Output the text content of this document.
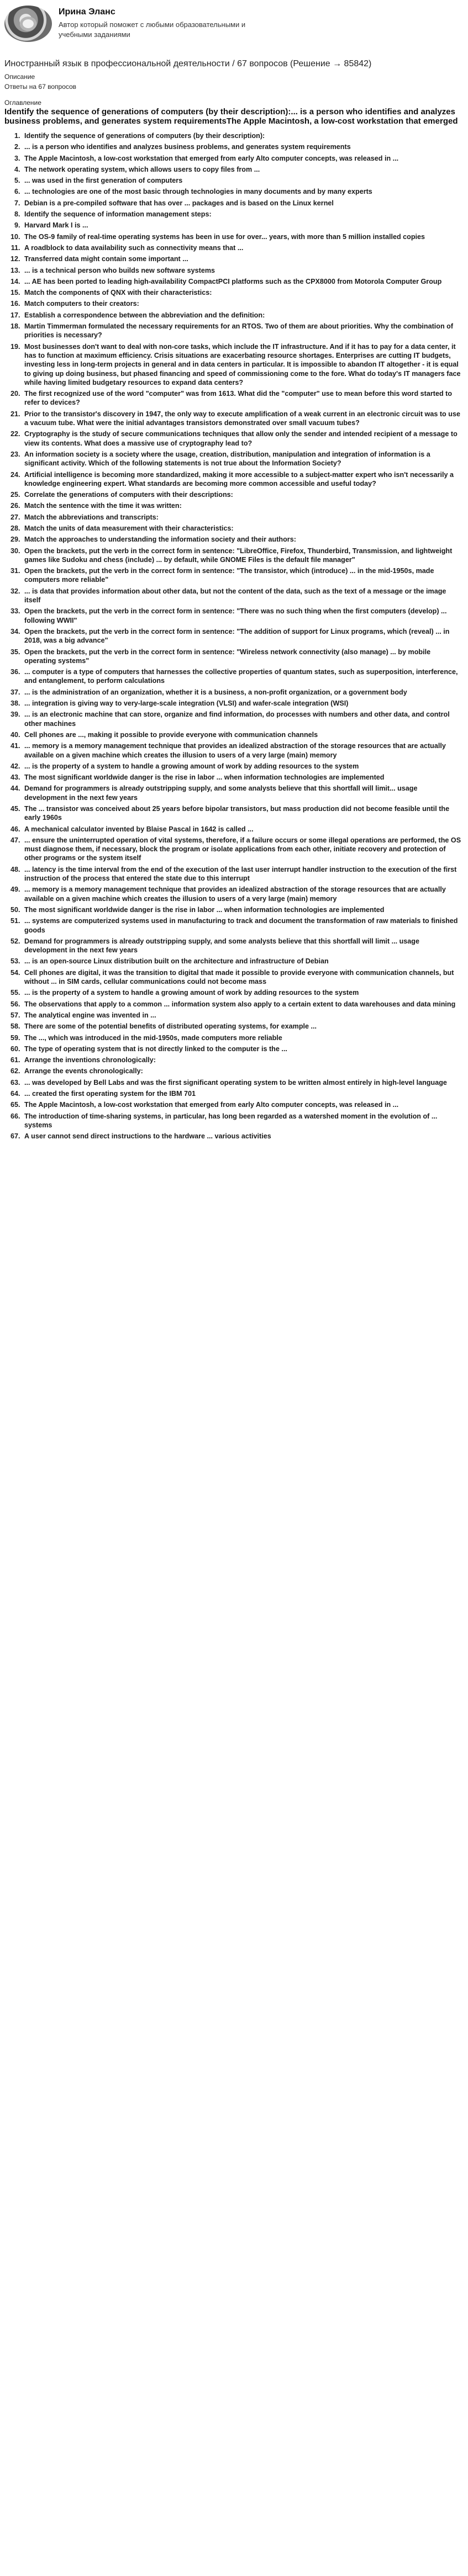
Ирина Эланс
Автор который поможет с любыми образовательными и учебными заданиями
Иностранный язык в профессиональной деятельности / 67 вопросов (Решение → 85842)
Описание
Ответы на 67 вопросов
Оглавление

Identify the sequence of generations of computers (by their description):... is a person who identifies and analyzes business problems, and generates system requirementsThe Apple Macintosh, a low-cost workstation that emerged

1. Identify the sequence of generations of computers (by their description):
2. ... is a person who identifies and analyzes business problems, and generates system requirements
3. The Apple Macintosh, a low-cost workstation that emerged from early Alto computer concepts, was released in ...
4. The network operating system, which allows users to copy files from ...
5. ... was used in the first generation of computers
6. ... technologies are one of the most basic through technologies in many documents and by many experts
7. Debian is a pre-compiled software that has over ... packages and is based on the Linux kernel
8. Identify the sequence of information management steps:
9. Harvard Mark I is ...
10. The OS-9 family of real-time operating systems has been in use for over... years, with more than 5 million installed copies
11. A roadblock to data availability such as connectivity means that ...
12. Transferred data might contain some important ...
13. ... is a technical person who builds new software systems
14. ... AE has been ported to leading high-availability CompactPCI platforms such as the CPX8000 from Motorola Computer Group
15. Match the components of QNX with their characteristics:
16. Match computers to their creators:
17. Establish a correspondence between the abbreviation and the definition:
18. Martin Timmerman formulated the necessary requirements for an RTOS. Two of them are about priorities. Why the combination of priorities is necessary?
19. Most businesses don't want to deal with non-core tasks, which include the IT infrastructure. And if it has to pay for a data center, it has to function at maximum efficiency. Crisis situations are exacerbating resource shortages. Enterprises are cutting IT budgets, investing less in long-term projects in general and in data centers in particular. It is impossible to abandon IT altogether - it is equal to giving up doing business, but phased financing and speed of commissioning come to the fore. What do today's IT managers face while having limited budgetary resources to expand data centers?
20. The first recognized use of the word "computer" was from 1613. What did the "computer" use to mean before this word started to refer to devices?
21. Prior to the transistor's discovery in 1947, the only way to execute amplification of a weak current in an electronic circuit was to use a vacuum tube. What were the initial advantages transistors demonstrated over small vacuum tubes?
22. Cryptography is the study of secure communications techniques that allow only the sender and intended recipient of a message to view its contents. What does a massive use of cryptography lead to?
23. An information society is a society where the usage, creation, distribution, manipulation and integration of information is a significant activity. Which of the following statements is not true about the Information Society?
24. Artificial intelligence is becoming more standardized, making it more accessible to a subject-matter expert who isn't necessarily a knowledge engineering expert. What standards are becoming more common accessible and useful today?
25. Correlate the generations of computers with their descriptions:
26. Match the sentence with the time it was written:
27. Match the abbreviations and transcripts:
28. Match the units of data measurement with their characteristics:
29. Match the approaches to understanding the information society and their authors:
30. Open the brackets, put the verb in the correct form in sentence: "LibreOffice, Firefox, Thunderbird, Transmission, and lightweight games like Sudoku and chess (include) ... by default, while GNOME Files is the default file manager"
31. Open the brackets, put the verb in the correct form in sentence: "The transistor, which (introduce) ... in the mid-1950s, made computers more reliable"
32. ... is data that provides information about other data, but not the content of the data, such as the text of a message or the image itself
33. Open the brackets, put the verb in the correct form in sentence: "There was no such thing when the first computers (develop) ... following WWII"
34. Open the brackets, put the verb in the correct form in sentence: "The addition of support for Linux programs, which (reveal) ... in 2018, was a big advance"
35. Open the brackets, put the verb in the correct form in sentence: "Wireless network connectivity (also manage) ... by mobile operating systems"
36. ... computer is a type of computers that harnesses the collective properties of quantum states, such as superposition, interference, and entanglement, to perform calculations
37. ... is the administration of an organization, whether it is a business, a non-profit organization, or a government body
38. ... integration is giving way to very-large-scale integration (VLSI) and wafer-scale integration (WSI)
39. ... is an electronic machine that can store, organize and find information, do processes with numbers and other data, and control other machines
40. Cell phones are ..., making it possible to provide everyone with communication channels
41. ... memory is a memory management technique that provides an idealized abstraction of the storage resources that are actually available on a given machine which creates the illusion to users of a very large (main) memory
42. ... is the property of a system to handle a growing amount of work by adding resources to the system
43. The most significant worldwide danger is the rise in labor ... when information technologies are implemented
44. Demand for programmers is already outstripping supply, and some analysts believe that this shortfall will limit... usage development in the next few years
45. The ... transistor was conceived about 25 years before bipolar transistors, but mass production did not become feasible until the early 1960s
46. A mechanical calculator invented by Blaise Pascal in 1642 is called ...
47. ... ensure the uninterrupted operation of vital systems, therefore, if a failure occurs or some illegal operations are performed, the OS must diagnose them, if necessary, block the program or isolate applications from each other, initiate recovery and protection of other programs or the system itself
48. ... latency is the time interval from the end of the execution of the last user interrupt handler instruction to the execution of the first instruction of the process that entered the state due to this interrupt
49. ... memory is a memory management technique that provides an idealized abstraction of the storage resources that are actually available on a given machine which creates the illusion to users of a very large (main) memory
50. The most significant worldwide danger is the rise in labor ... when information technologies are implemented
51. ... systems are computerized systems used in manufacturing to track and document the transformation of raw materials to finished goods
52. Demand for programmers is already outstripping supply, and some analysts believe that this shortfall will limit ... usage development in the next few years
53. ... is an open-source Linux distribution built on the architecture and infrastructure of Debian
54. Cell phones are digital, it was the transition to digital that made it possible to provide everyone with communication channels, but without ... in SIM cards, cellular communications could not become mass
55. ... is the property of a system to handle a growing amount of work by adding resources to the system
56. The observations that apply to a common ... information system also apply to a certain extent to data warehouses and data mining
57. The analytical engine was invented in ...
58. There are some of the potential benefits of distributed operating systems, for example ...
59. The ..., which was introduced in the mid-1950s, made computers more reliable
60. The type of operating system that is not directly linked to the computer is the ...
61. Arrange the inventions chronologically:
62. Arrange the events chronologically:
63. ... was developed by Bell Labs and was the first significant operating system to be written almost entirely in high-level language
64. ... created the first operating system for the IBM 701
65. The Apple Macintosh, a low-cost workstation that emerged from early Alto computer concepts, was released in ...
66. The introduction of time-sharing systems, in particular, has long been regarded as a watershed moment in the evolution of ... systems
67. A user cannot send direct instructions to the hardware ... various activities
